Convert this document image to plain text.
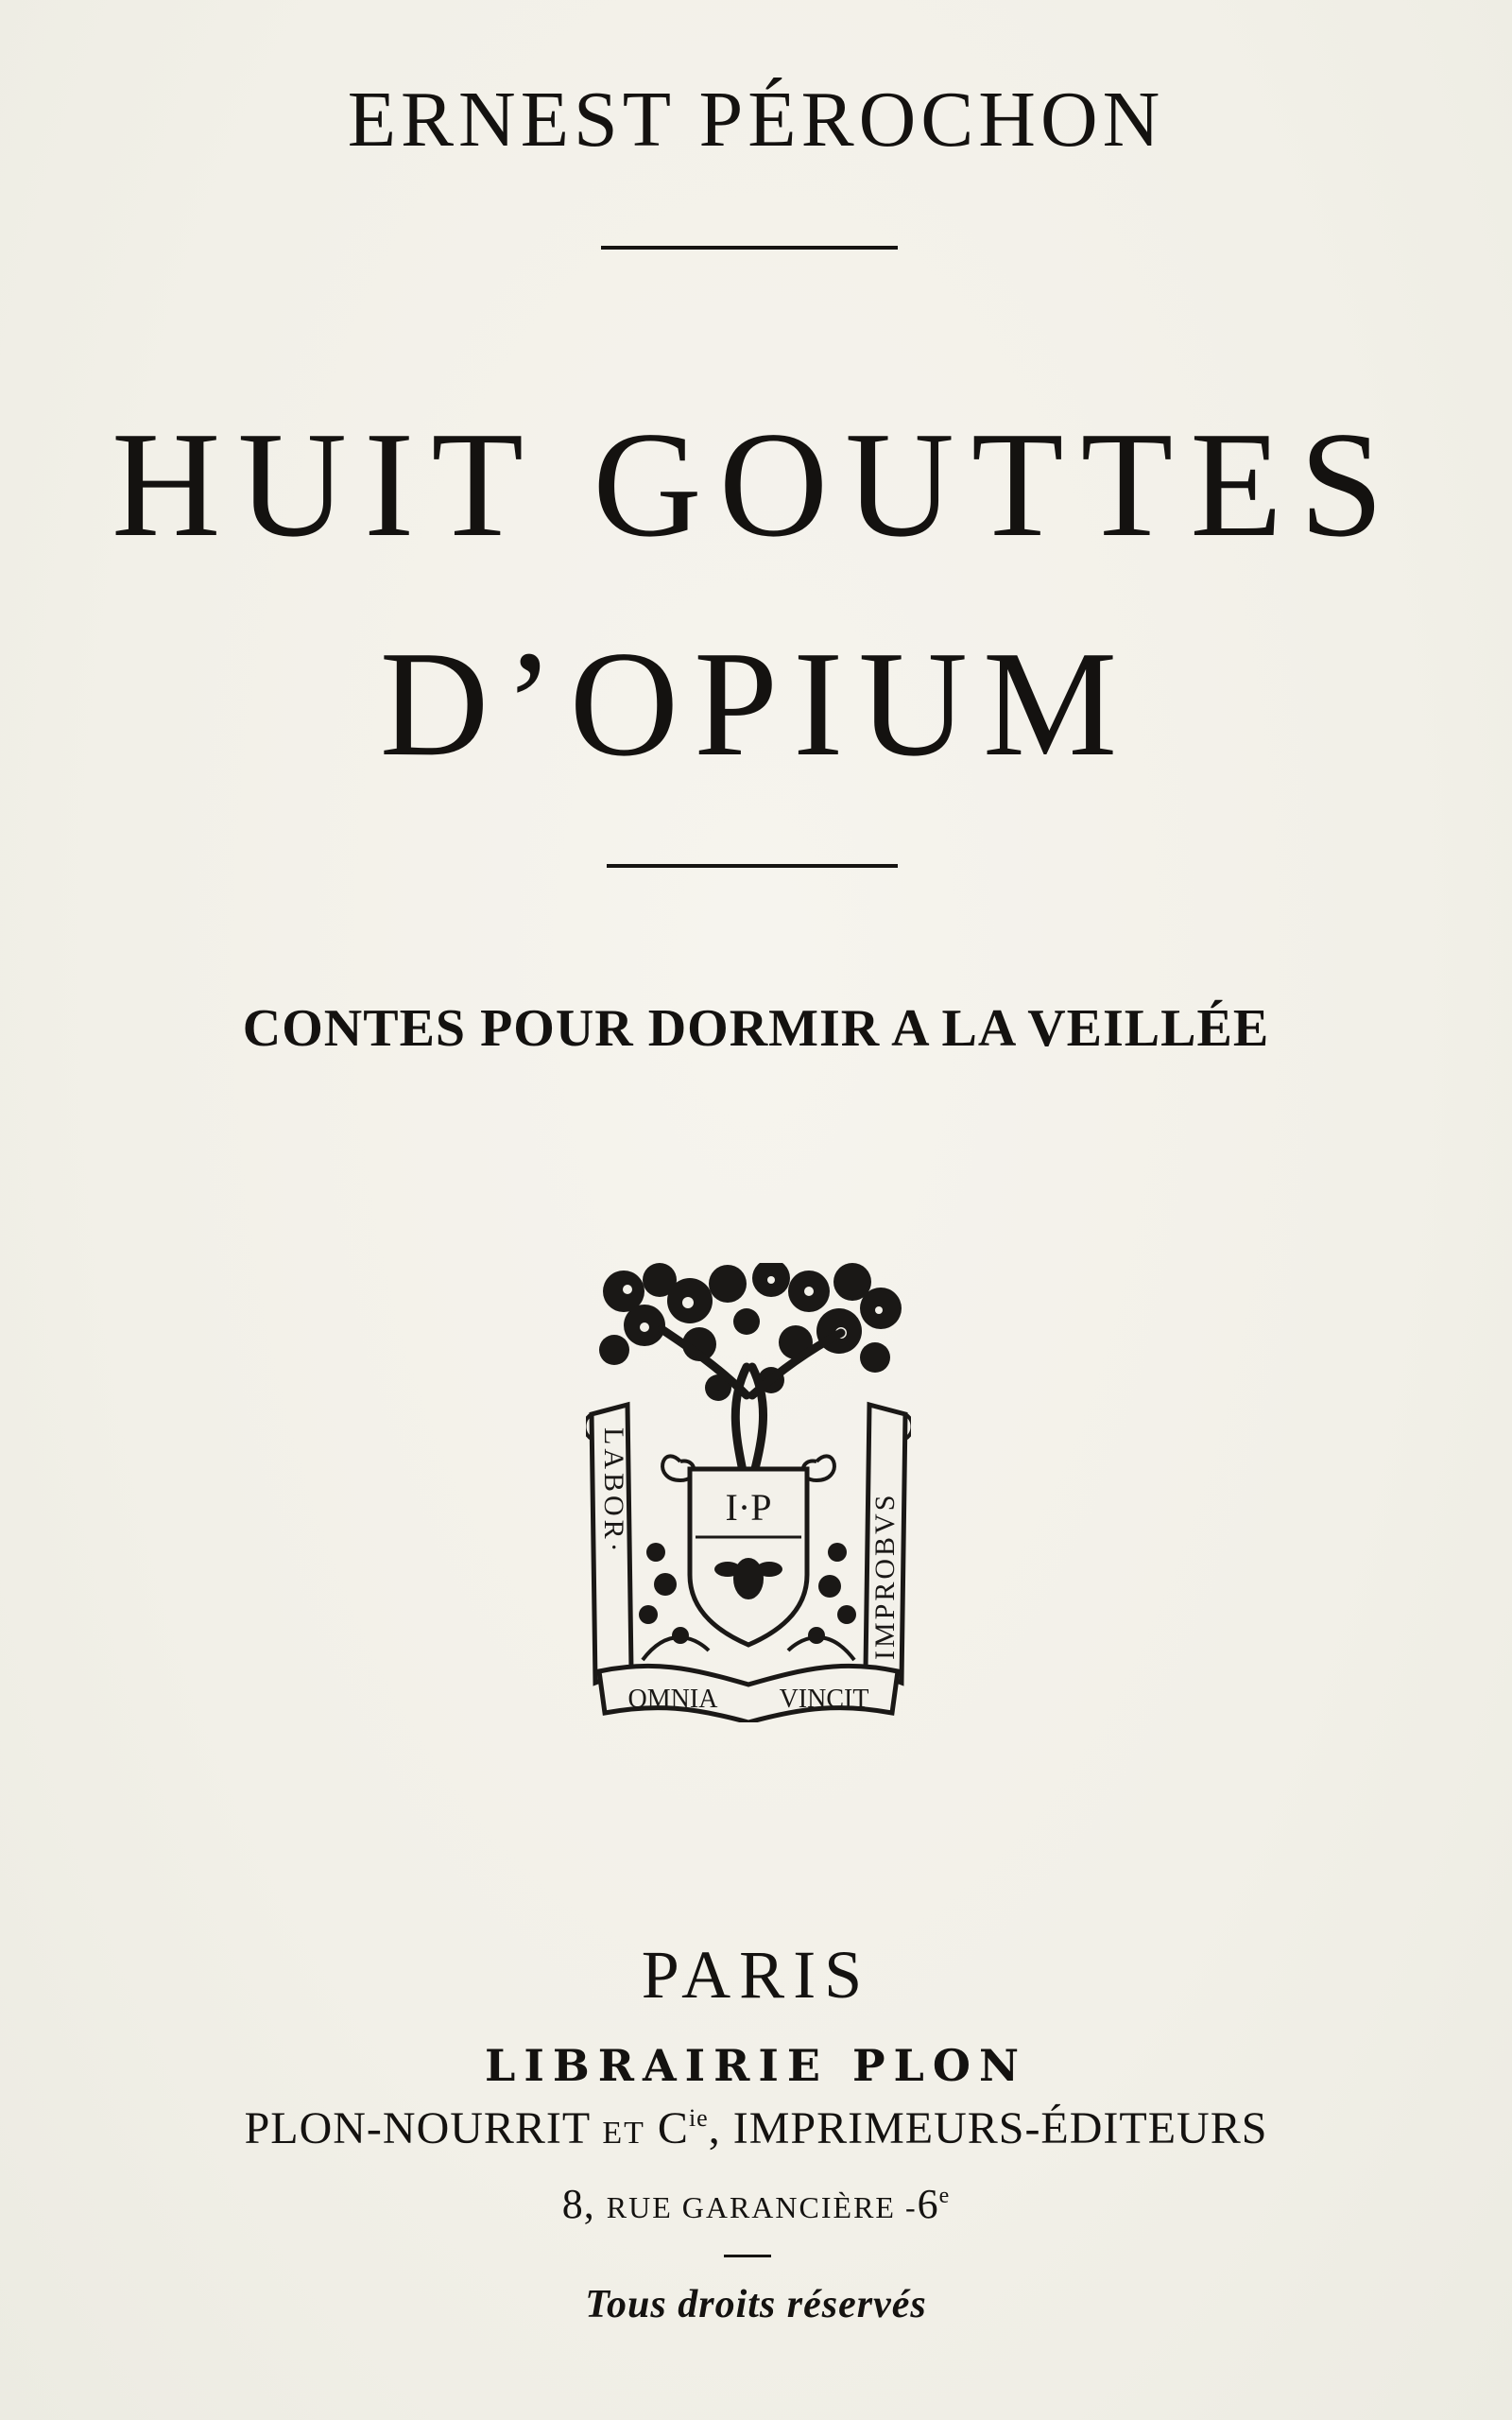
ERNEST PÉROCHON
HUIT GOUTTES
D’OPIUM
CONTES POUR DORMIR A LA VEILLÉE
I·P
LABOR·
IMPROBVS
OMNIA VINCIT
PARIS
LIBRAIRIE PLON
PLON-NOURRIT ET $C^{ie}$, IMPRIMEURS-ÉDITEURS
8, RUE GARANCIÈRE -6e
Tous droits réservés
